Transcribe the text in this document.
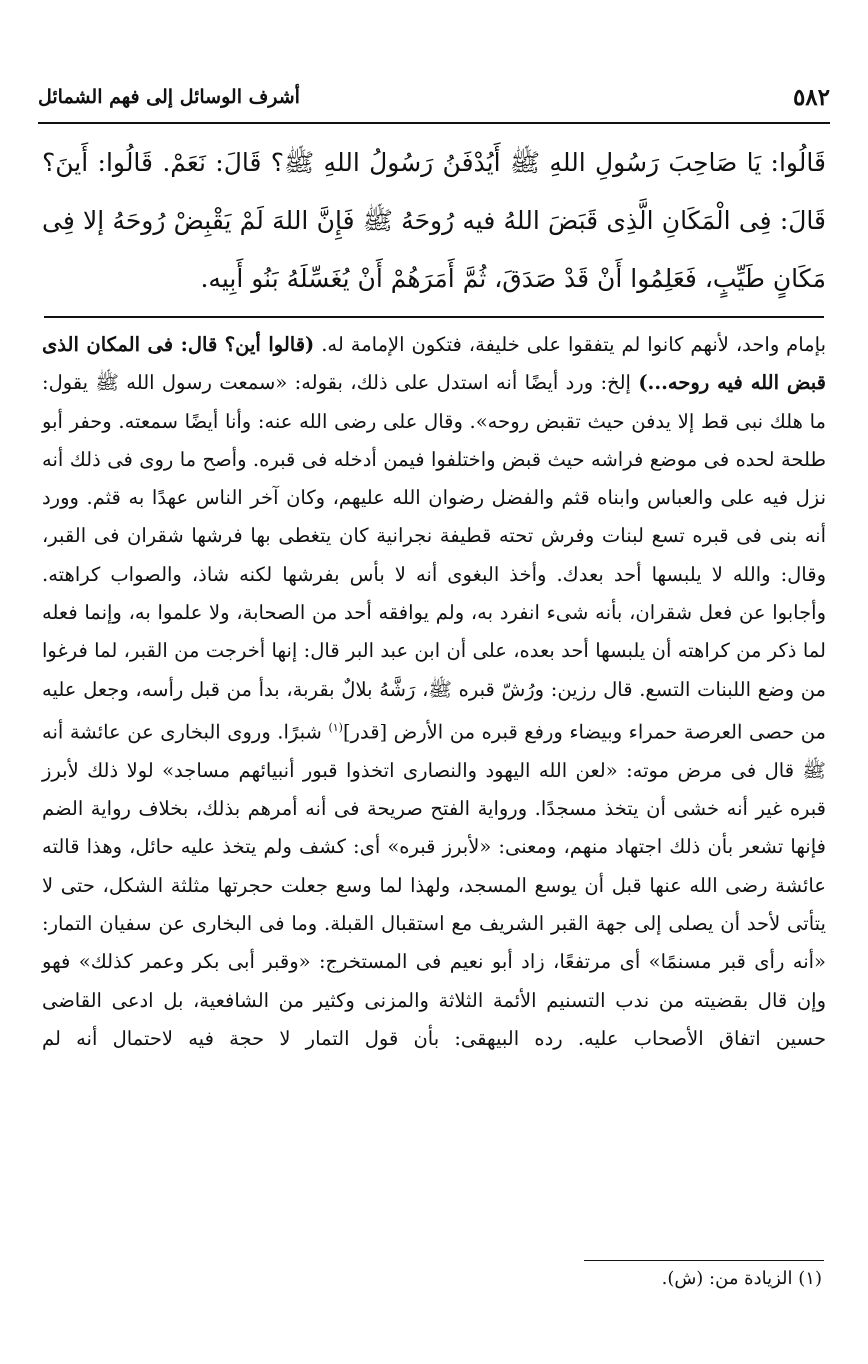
٥٨٢
أشرف الوسائل إلى فهم الشمائل
قَالُوا: يَا صَاحِبَ رَسُولِ اللهِ ﷺ أَيُدْفَنُ رَسُولُ اللهِ ﷺ؟ قَالَ: نَعَمْ. قَالُوا: أَينَ؟ قَالَ: فِى الْمَكَانِ الَّذِى قَبَضَ اللهُ فيه رُوحَهُ ﷺ فَإِنَّ اللهَ لَمْ يَقْبِضْ رُوحَهُ إلا فِى مَكَانٍ طَيِّبٍ، فَعَلِمُوا أَنْ قَدْ صَدَقَ، ثُمَّ أَمَرَهُمْ أَنْ يُغَسِّلَهُ بَنُو أَبِيه.

بإمام واحد، لأنهم كانوا لم يتفقوا على خليفة، فتكون الإمامة له. (قالوا أين؟ قال: فى المكان الذى قبض الله فيه روحه...) إلخ: ورد أيضًا أنه استدل على ذلك، بقوله: «سمعت رسول الله ﷺ يقول: ما هلك نبى قط إلا يدفن حيث تقبض روحه». وقال على رضى الله عنه: وأنا أيضًا سمعته. وحفر أبو طلحة لحده فى موضع فراشه حيث قبض واختلفوا فيمن أدخله فى قبره. وأصح ما روى فى ذلك أنه نزل فيه على والعباس وابناه قثم والفضل رضوان الله عليهم، وكان آخر الناس عهدًا به قثم. وورد أنه بنى فى قبره تسع لبنات وفرش تحته قطيفة نجرانية كان يتغطى بها فرشها شقران فى القبر، وقال: والله لا يلبسها أحد بعدك. وأخذ البغوى أنه لا بأس بفرشها لكنه شاذ، والصواب كراهته. وأجابوا عن فعل شقران، بأنه شىء انفرد به، ولم يوافقه أحد من الصحابة، ولا علموا به، وإنما فعله لما ذكر من كراهته أن يلبسها أحد بعده، على أن ابن عبد البر قال: إنها أخرجت من القبر، لما فرغوا من وضع اللبنات التسع. قال رزين: ورُشّ قبره ﷺ، رَشَّهُ بلالٌ بقربة، بدأ من قبل رأسه، وجعل عليه من حصى العرصة حمراء وبيضاء ورفع قبره من الأرض [قدر]$^{(١)}$ شبرًا. وروى البخارى عن عائشة أنه ﷺ قال فى مرض موته: «لعن الله اليهود والنصارى اتخذوا قبور أنبيائهم مساجد» لولا ذلك لأبرز قبره غير أنه خشى أن يتخذ مسجدًا. ورواية الفتح صريحة فى أنه أمرهم بذلك، بخلاف رواية الضم فإنها تشعر بأن ذلك اجتهاد منهم، ومعنى: «لأبرز قبره» أى: كشف ولم يتخذ عليه حائل، وهذا قالته عائشة رضى الله عنها قبل أن يوسع المسجد، ولهذا لما وسع جعلت حجرتها مثلثة الشكل، حتى لا يتأتى لأحد أن يصلى إلى جهة القبر الشريف مع استقبال القبلة. وما فى البخارى عن سفيان التمار: «أنه رأى قبر مسنمًا» أى مرتفعًا، زاد أبو نعيم فى المستخرج: «وقبر أبى بكر وعمر كذلك» فهو وإن قال بقضيته من ندب التسنيم الأئمة الثلاثة والمزنى وكثير من الشافعية، بل ادعى القاضى حسين اتفاق الأصحاب عليه. رده البيهقى: بأن قول التمار لا حجة فيه لاحتمال أنه لم

(١) الزيادة من: (ش).
